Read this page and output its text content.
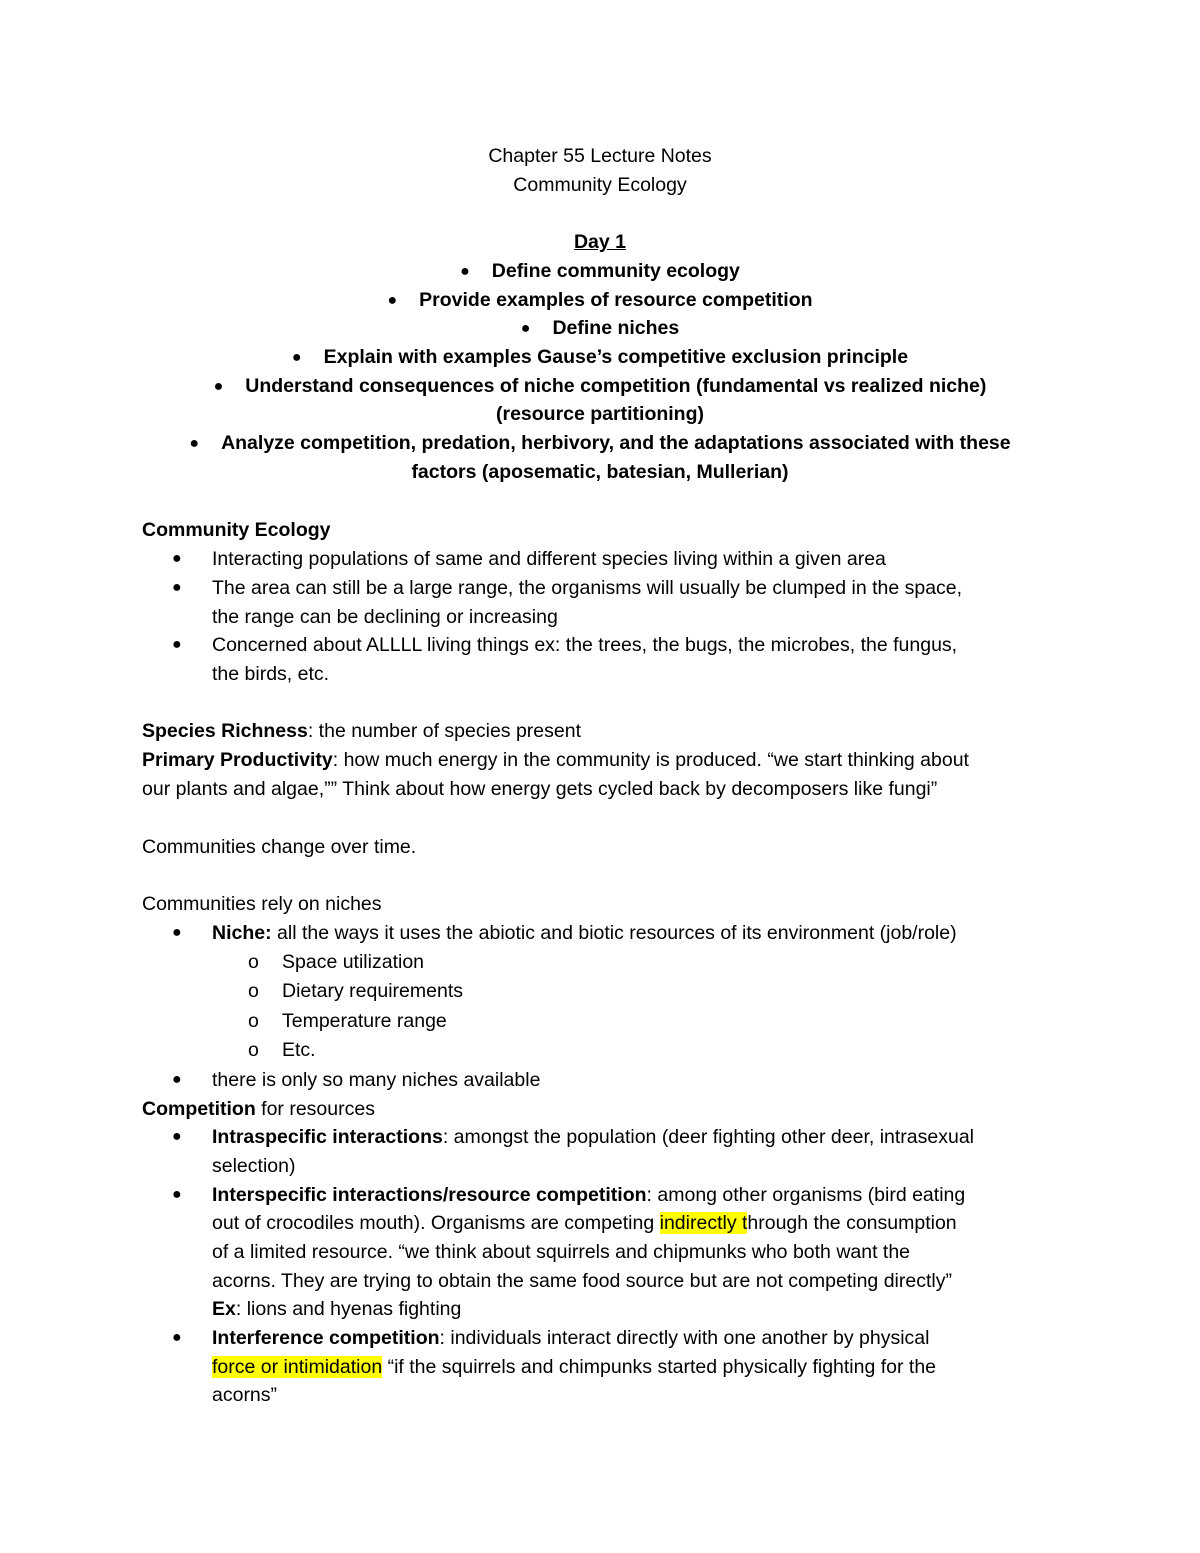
Chapter 55 Lecture Notes
Community Ecology
Day 1
● Define community ecology
● Provide examples of resource competition
● Define niches
● Explain with examples Gause’s competitive exclusion principle
● Understand consequences of niche competition (fundamental vs realized niche)
(resource partitioning)
● Analyze competition, predation, herbivory, and the adaptations associated with these
factors (aposematic, batesian, Mullerian)
Community Ecology
● Interacting populations of same and different species living within a given area
● The area can still be a large range, the organisms will usually be clumped in the space,
the range can be declining or increasing
● Concerned about ALLLL living things ex: the trees, the bugs, the microbes, the fungus,
the birds, etc.
Species Richness: the number of species present
Primary Productivity: how much energy in the community is produced. “we start thinking about
our plants and algae,”” Think about how energy gets cycled back by decomposers like fungi”
Communities change over time.
Communities rely on niches
● Niche: all the ways it uses the abiotic and biotic resources of its environment (job/role)
o Space utilization
o Dietary requirements
o Temperature range
o Etc.
● there is only so many niches available
Competition for resources
● Intraspecific interactions: amongst the population (deer fighting other deer, intrasexual
selection)
● Interspecific interactions/resource competition: among other organisms (bird eating
out of crocodiles mouth). Organisms are competing indirectly through the consumption
of a limited resource. “we think about squirrels and chipmunks who both want the
acorns. They are trying to obtain the same food source but are not competing directly”
Ex: lions and hyenas fighting
● Interference competition: individuals interact directly with one another by physical
force or intimidation “if the squirrels and chimpunks started physically fighting for the
acorns”
